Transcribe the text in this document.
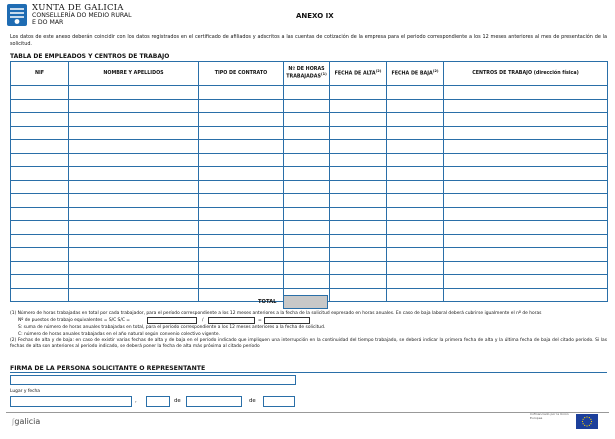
XUNTA DE GALICIA
CONSELLERÍA DO MEDIO RURAL
E DO MAR
ANEXO IX
Los datos de este anexo deberán coincidir con los datos registrados en el certificado de afiliados y adscritos a las cuentas de cotización de la empresa para el periodo correspondiente a los 12 meses anteriores al mes de presentación de la solicitud.
TABLA DE EMPLEADOS Y CENTROS DE TRABAJO
NIF	NOMBRE Y APELLIDOS	TIPO DE CONTRATO	Nº DE HORAS TRABAJADAS$^{(1)}$	FECHA DE ALTA$^{(2)}$	FECHA DE BAJA$^{(2)}$	CENTROS DE TRABAJO (dirección física)

TOTAL
(1) Número de horas trabajadas en total por cada trabajador, para el período correspondiente a los 12 meses anteriores a la fecha de la solicitud expresado en horas anuales. En caso de baja laboral deberá cubrirse igualmente el nº de horas
Nº de puestos de trabajo equivalentes = S/C S/C =	/	=
S: suma de número de horas anuales trabajadas en total, para el período correspondiente a los 12 meses anteriores a la fecha de solicitud.
C: número de horas anuales trabajadas en el año natural según convenio colectivo vigente.
(2) Fechas de alta y de baja: en caso de existir varias fechas de alta y de baja en el período indicado que impliquen una interrupción en la continuidad del tiempo trabajado, se deberá indicar la primera fecha de alta y la última fecha de baja del citado período. Si las fechas de alta son anteriores al período indicado, se deberá poner la fecha de alta más próxima al citado período
FIRMA DE LA PERSONA SOLICITANTE O REPRESENTANTE
Lugar y fecha
,	de	de
ʃgalicia
Cofinanciado por la Unión Europea
